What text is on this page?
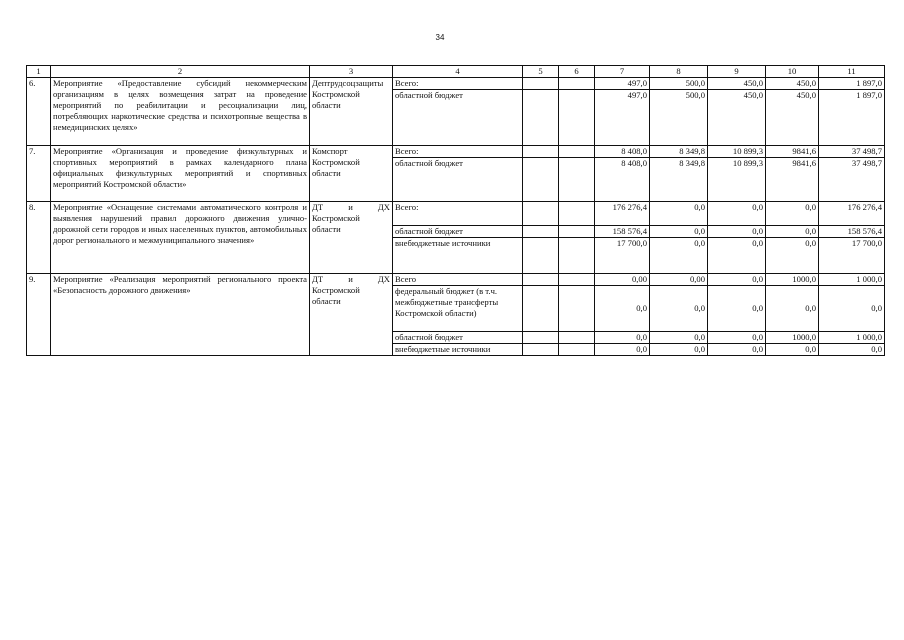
34
1	2	3	4	5	6	7	8	9	10	11
6.	Мероприятие «Предоставление субсидий некоммерческим организациям в целях возмещения затрат на проведение мероприятий по реабилитации и ресоциализации лиц, потребляющих наркотические средства и психотропные вещества в немедицинских целях»	Дептрудсоцзащиты Костромской области	Всего:			497,0	500,0	450,0	450,0	1 897,0
			областной бюджет			497,0	500,0	450,0	450,0	1 897,0
7.	Мероприятие «Организация и проведение физкультурных и спортивных мероприятий в рамках календарного плана официальных физкультурных мероприятий и спортивных мероприятий Костромской области»	Комспорт Костромской области	Всего:			8 408,0	8 349,8	10 899,3	9841,6	37 498,7
			областной бюджет			8 408,0	8 349,8	10 899,3	9841,6	37 498,7
8.	Мероприятие «Оснащение системами автоматического контроля и выявления нарушений правил дорожного движения улично-дорожной сети городов и иных населенных пунктов, автомобильных дорог регионального и межмуниципального значения»	ДТ и ДХ Костромской области	Всего:			176 276,4	0,0	0,0	0,0	176 276,4
			областной бюджет			158 576,4	0,0	0,0	0,0	158 576,4
			внебюджетные источники			17 700,0	0,0	0,0	0,0	17 700,0
9.	Мероприятие «Реализация мероприятий регионального проекта «Безопасность дорожного движения»	ДТ и ДХ Костромской области	Всего			0,00	0,00	0,0	1000,0	1 000,0
			федеральный бюджет (в т.ч. межбюджетные трансферты Костромской области)			0,0	0,0	0,0	0,0	0,0
			областной бюджет			0,0	0,0	0,0	1000,0	1 000,0
			внебюджетные источники			0,0	0,0	0,0	0,0	0,0
